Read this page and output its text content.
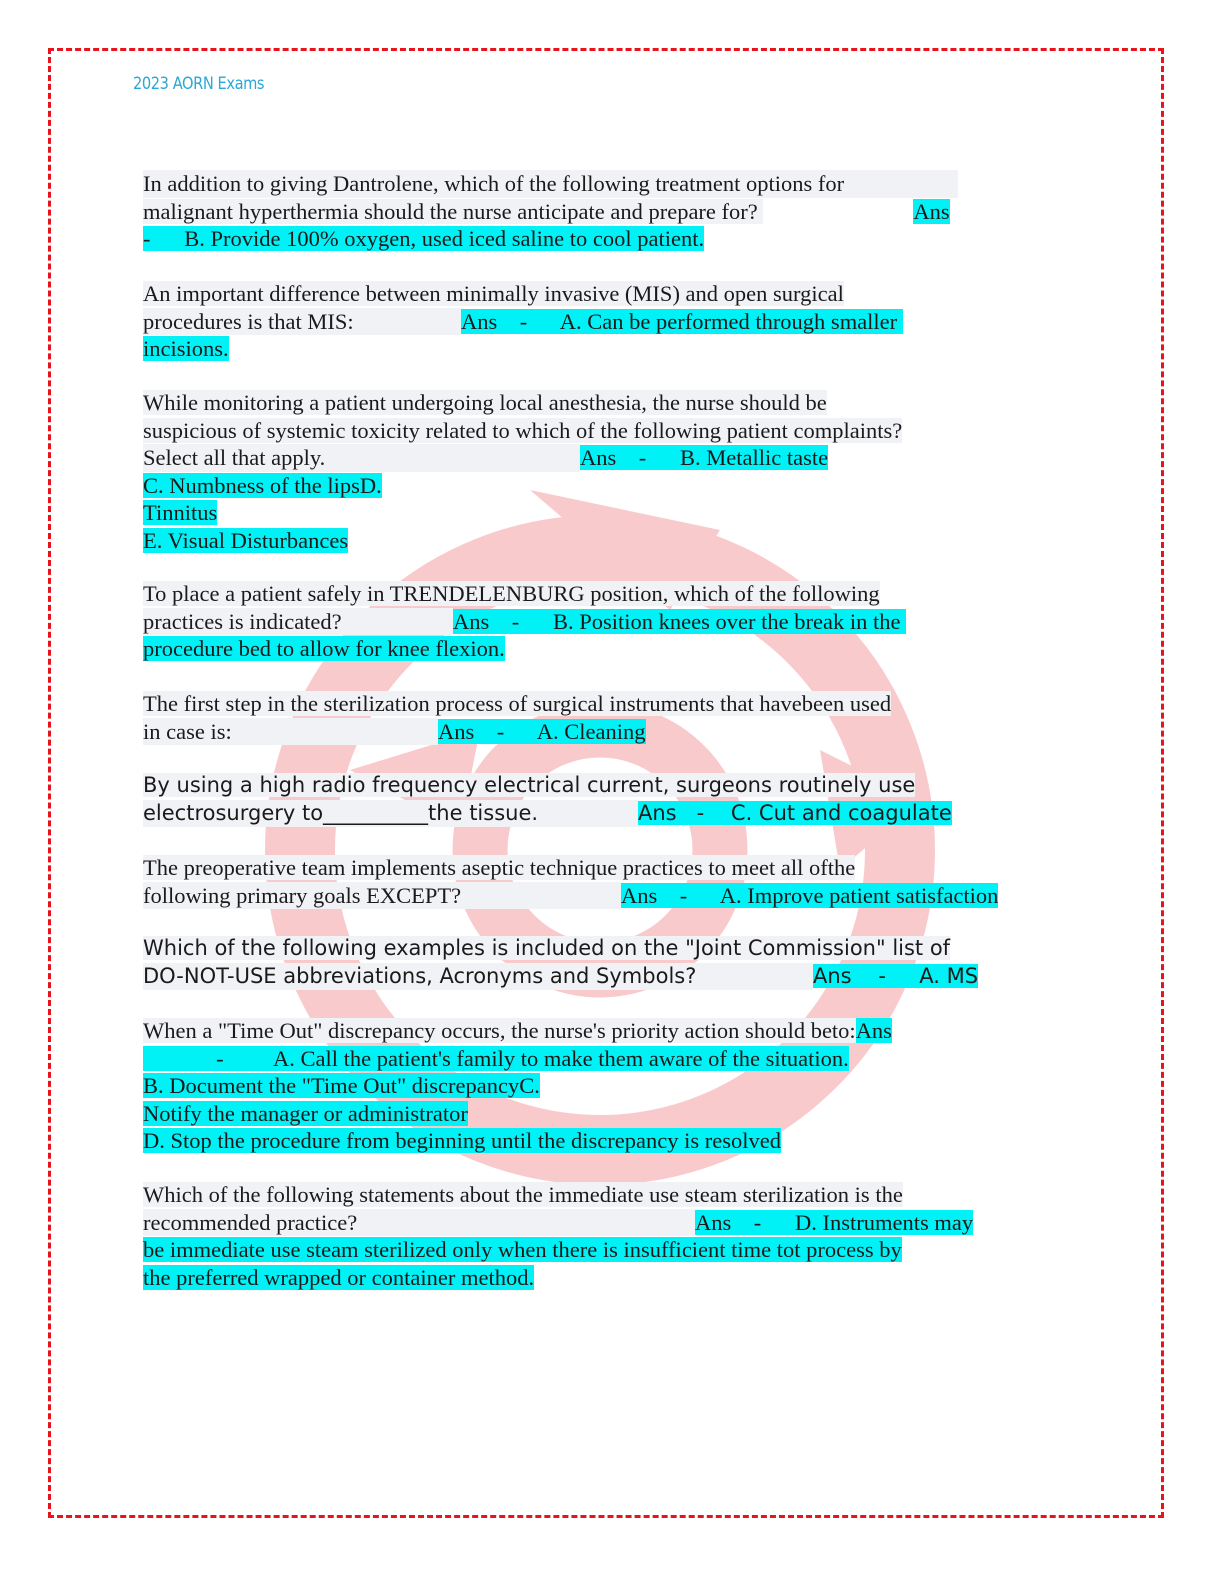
2023 AORN Exams
In addition to giving Dantrolene, which of the following treatment options for
malignant hyperthermia should the nurse anticipate and prepare for?	Ans
-      B. Provide 100% oxygen, used iced saline to cool patient.
An important difference between minimally invasive (MIS) and open surgical
procedures is that MIS:	Ans    -      A. Can be performed through smaller
incisions.
While monitoring a patient undergoing local anesthesia, the nurse should be
suspicious of systemic toxicity related to which of the following patient complaints?
Select all that apply.	Ans    -      B. Metallic taste
C. Numbness of the lipsD.
Tinnitus
E. Visual Disturbances
To place a patient safely in TRENDELENBURG position, which of the following
practices is indicated?	Ans    -      B. Position knees over the break in the
procedure bed to allow for knee flexion.
The first step in the sterilization process of surgical instruments that havebeen used
in case is:	Ans    -      A. Cleaning
By using a high radio frequency electrical current, surgeons routinely use
electrosurgery to__________the tissue.	Ans   -    C. Cut and coagulate
The preoperative team implements aseptic technique practices to meet all ofthe
following primary goals EXCEPT?	Ans    -      A. Improve patient satisfaction
Which of the following examples is included on the "Joint Commission" list of
DO-NOT-USE abbreviations, Acronyms and Symbols?	Ans    -     A. MS
When a "Time Out" discrepancy occurs, the nurse's priority action should beto:Ans
-         A. Call the patient's family to make them aware of the situation.
B. Document the "Time Out" discrepancyC.
Notify the manager or administrator
D. Stop the procedure from beginning until the discrepancy is resolved
Which of the following statements about the immediate use steam sterilization is the
recommended practice?	Ans    -      D. Instruments may
be immediate use steam sterilized only when there is insufficient time tot process by
the preferred wrapped or container method.
